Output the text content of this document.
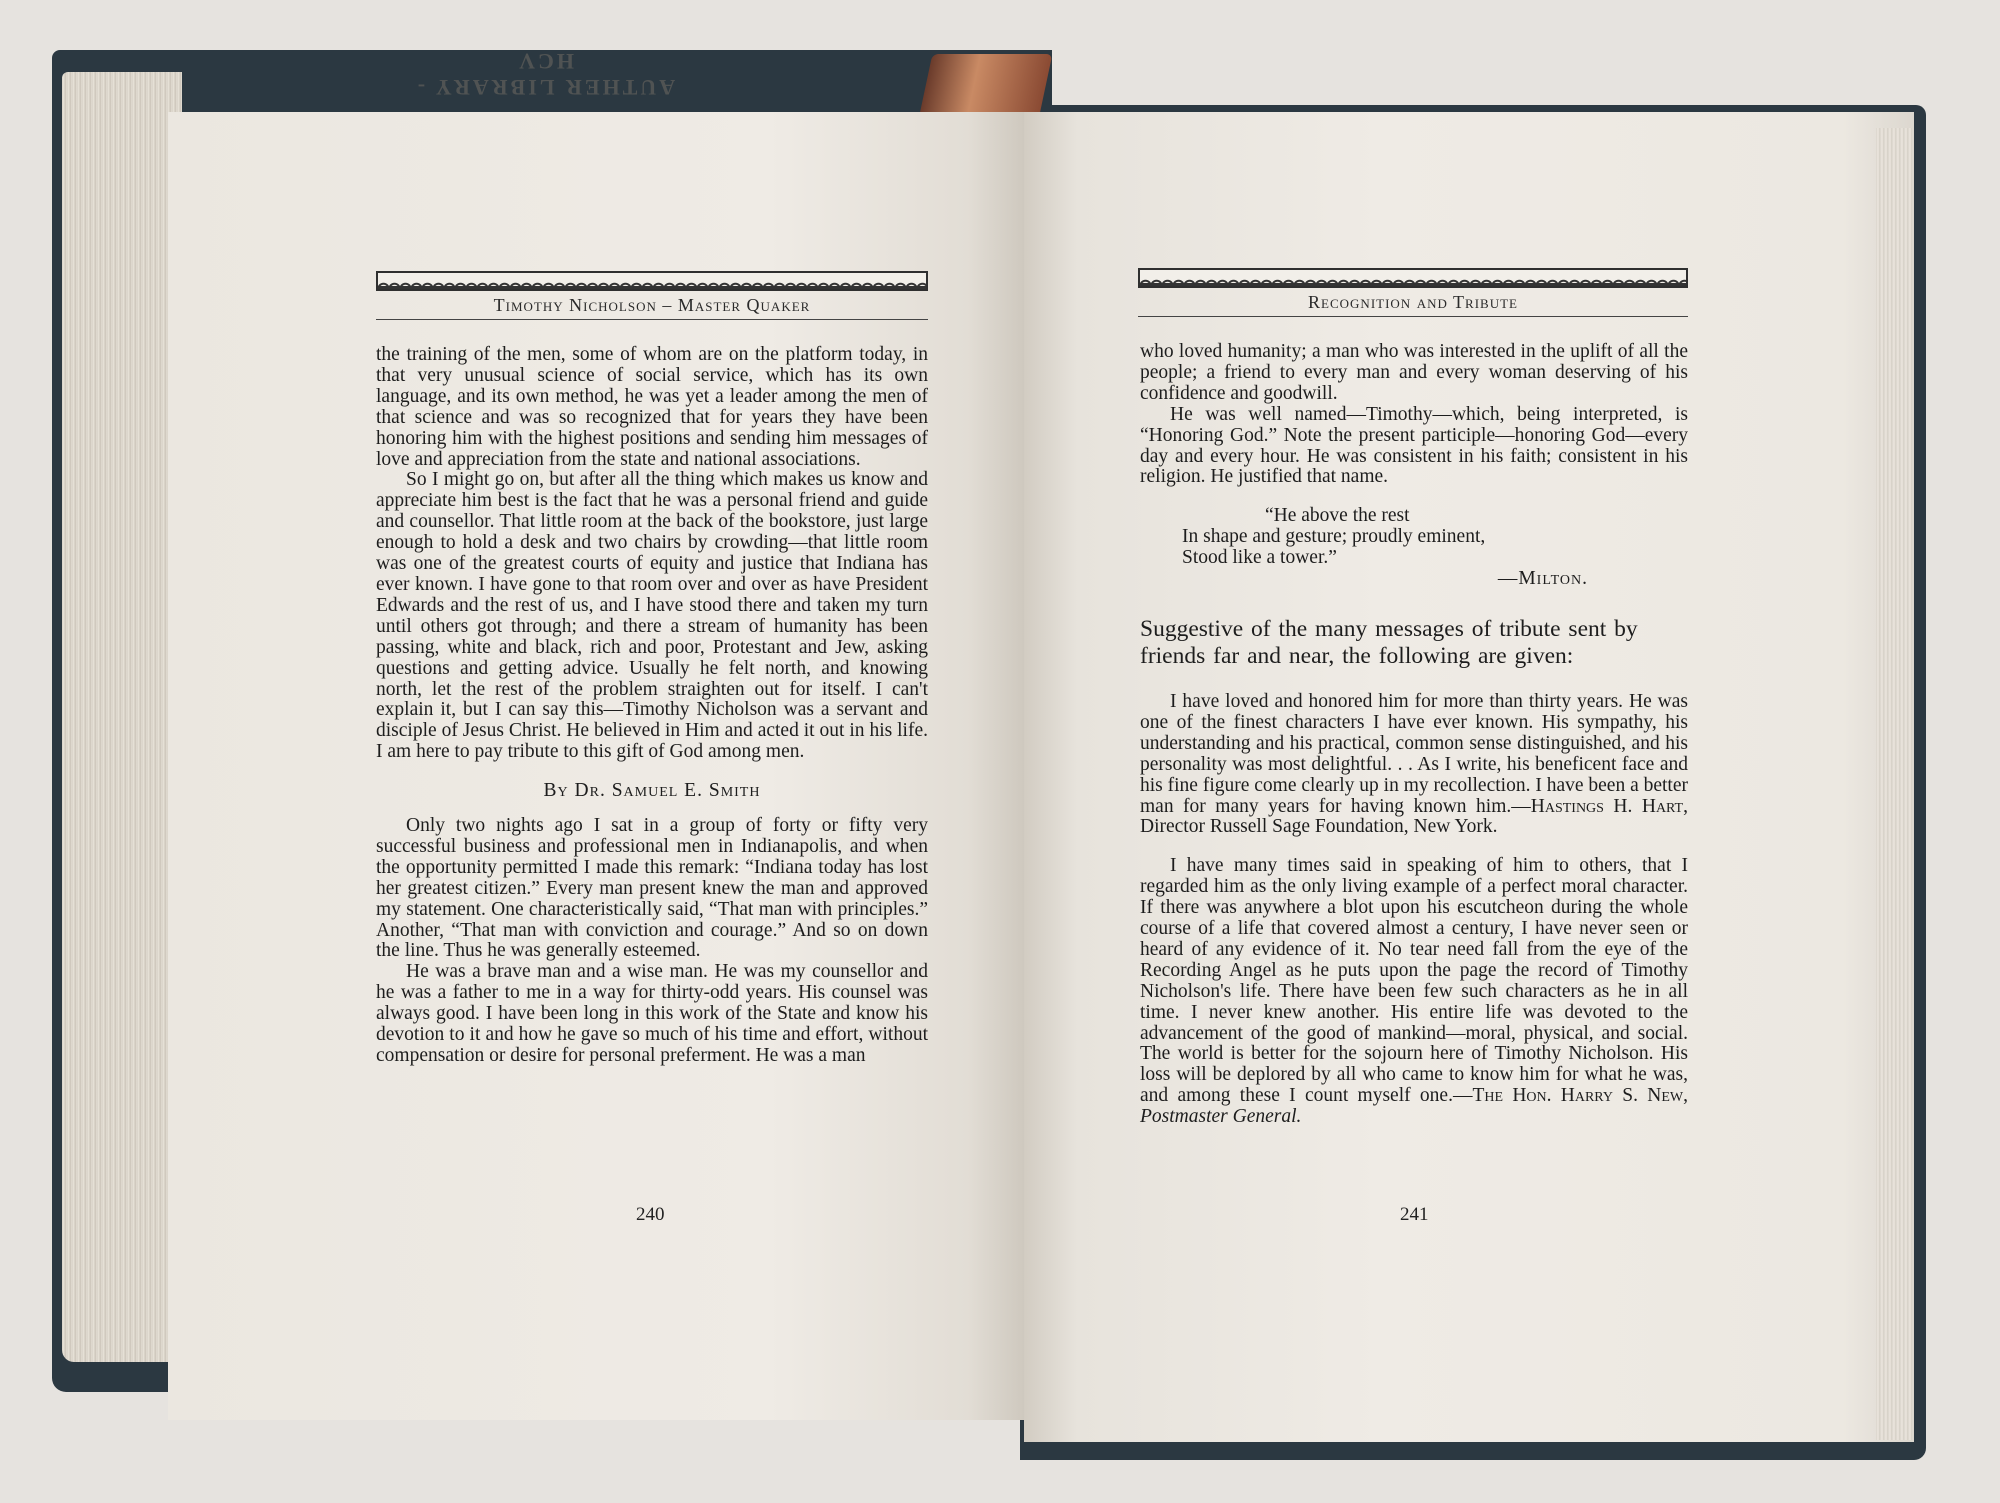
AUTHER LIBRARY - HCV
Timothy Nicholson – Master Quaker

the training of the men, some of whom are on the platform today, in that very unusual science of social service, which has its own language, and its own method, he was yet a leader among the men of that science and was so recognized that for years they have been honoring him with the highest positions and sending him messages of love and appreciation from the state and national associations.

So I might go on, but after all the thing which makes us know and appreciate him best is the fact that he was a personal friend and guide and counsellor. That little room at the back of the bookstore, just large enough to hold a desk and two chairs by crowding—that little room was one of the greatest courts of equity and justice that Indiana has ever known. I have gone to that room over and over as have President Edwards and the rest of us, and I have stood there and taken my turn until others got through; and there a stream of humanity has been passing, white and black, rich and poor, Protestant and Jew, asking questions and getting advice. Usually he felt north, and knowing north, let the rest of the problem straighten out for itself. I can't explain it, but I can say this—Timothy Nicholson was a servant and disciple of Jesus Christ. He believed in Him and acted it out in his life. I am here to pay tribute to this gift of God among men.

By Dr. Samuel E. Smith

Only two nights ago I sat in a group of forty or fifty very successful business and professional men in Indianapolis, and when the opportunity permitted I made this remark: “Indiana today has lost her greatest citizen.” Every man present knew the man and approved my statement. One characteristically said, “That man with principles.” Another, “That man with conviction and courage.” And so on down the line. Thus he was generally esteemed.

He was a brave man and a wise man. He was my counsellor and he was a father to me in a way for thirty-odd years. His counsel was always good. I have been long in this work of the State and know his devotion to it and how he gave so much of his time and effort, without compensation or desire for personal preferment. He was a man

240
Recognition and Tribute

who loved humanity; a man who was interested in the uplift of all the people; a friend to every man and every woman deserving of his confidence and goodwill.

He was well named—Timothy—which, being interpreted, is “Honoring God.” Note the present participle—honoring God—every day and every hour. He was consistent in his faith; consistent in his religion. He justified that name.

“He above the rest
In shape and gesture; proudly eminent,
Stood like a tower.”
—Milton.

Suggestive of the many messages of tribute sent by friends far and near, the following are given:

I have loved and honored him for more than thirty years. He was one of the finest characters I have ever known. His sympathy, his understanding and his practical, common sense distinguished, and his personality was most delightful. . . As I write, his beneficent face and his fine figure come clearly up in my recollection. I have been a better man for many years for having known him.—Hastings H. Hart, Director Russell Sage Foundation, New York.

I have many times said in speaking of him to others, that I regarded him as the only living example of a perfect moral character. If there was anywhere a blot upon his escutcheon during the whole course of a life that covered almost a century, I have never seen or heard of any evidence of it. No tear need fall from the eye of the Recording Angel as he puts upon the page the record of Timothy Nicholson's life. There have been few such characters as he in all time. I never knew another. His entire life was devoted to the advancement of the good of mankind—moral, physical, and social. The world is better for the sojourn here of Timothy Nicholson. His loss will be deplored by all who came to know him for what he was, and among these I count myself one.—The Hon. Harry S. New, Postmaster General.

241
